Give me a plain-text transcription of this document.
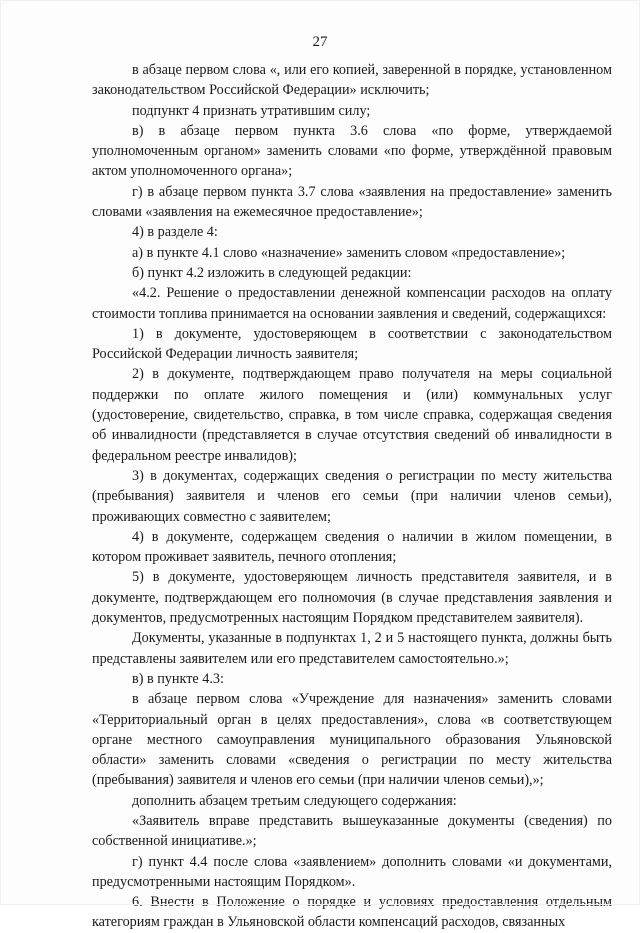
27

в абзаце первом слова «, или его копией, заверенной в порядке, установленном законодательством Российской Федерации» исключить;

подпункт 4 признать утратившим силу;

в) в абзаце первом пункта 3.6 слова «по форме, утверждаемой уполномоченным органом» заменить словами «по форме, утверждённой правовым актом уполномоченного органа»;

г) в абзаце первом пункта 3.7 слова «заявления на предоставление» заменить словами «заявления на ежемесячное предоставление»;

4) в разделе 4:

а) в пункте 4.1 слово «назначение» заменить словом «предоставление»;

б) пункт 4.2 изложить в следующей редакции:

«4.2. Решение о предоставлении денежной компенсации расходов на оплату стоимости топлива принимается на основании заявления и сведений, содержащихся:

1) в документе, удостоверяющем в соответствии с законодательством Российской Федерации личность заявителя;

2) в документе, подтверждающем право получателя на меры социальной поддержки по оплате жилого помещения и (или) коммунальных услуг (удостоверение, свидетельство, справка, в том числе справка, содержащая сведения об инвалидности (представляется в случае отсутствия сведений об инвалидности в федеральном реестре инвалидов);

3) в документах, содержащих сведения о регистрации по месту жительства (пребывания) заявителя и членов его семьи (при наличии членов семьи), проживающих совместно с заявителем;

4) в документе, содержащем сведения о наличии в жилом помещении, в котором проживает заявитель, печного отопления;

5) в документе, удостоверяющем личность представителя заявителя, и в документе, подтверждающем его полномочия (в случае представления заявления и документов, предусмотренных настоящим Порядком представителем заявителя).

Документы, указанные в подпунктах 1, 2 и 5 настоящего пункта, должны быть представлены заявителем или его представителем самостоятельно.»;

в) в пункте 4.3:

в абзаце первом слова «Учреждение для назначения» заменить словами «Территориальный орган в целях предоставления», слова «в соответствующем органе местного самоуправления муниципального образования Ульяновской области» заменить словами «сведения о регистрации по месту жительства (пребывания) заявителя и членов его семьи (при наличии членов семьи),»;

дополнить абзацем третьим следующего содержания:

«Заявитель вправе представить вышеуказанные документы (сведения) по собственной инициативе.»;

г) пункт 4.4 после слова «заявлением» дополнить словами «и документами, предусмотренными настоящим Порядком».

6. Внести в Положение о порядке и условиях предоставления отдельным категориям граждан в Ульяновской области компенсаций расходов, связанных
